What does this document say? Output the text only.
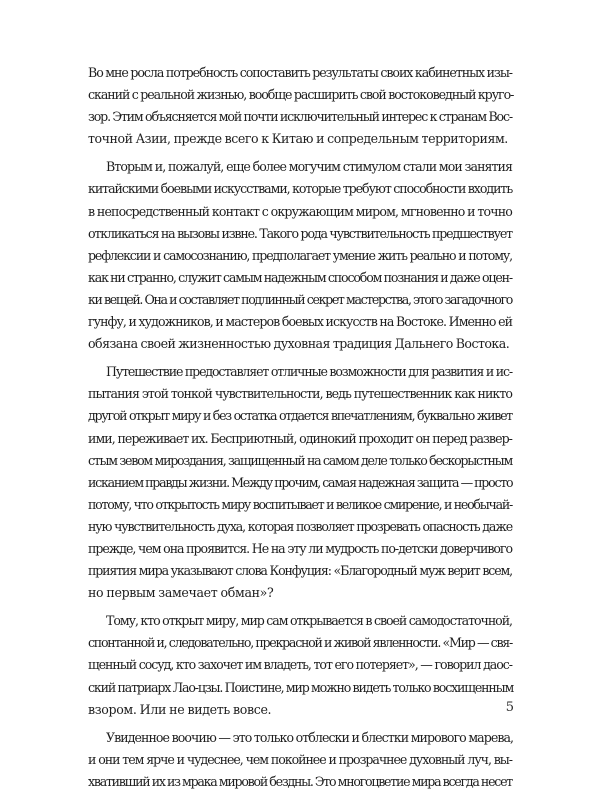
Во мне росла потребность сопоставить результаты своих кабинетных изы-
сканий с реальной жизнью, вообще расширить свой востоковедный круго-
зор. Этим объясняется мой почти исключительный интерес к странам Вос-
точной Азии, прежде всего к Китаю и сопредельным территориям.
Вторым и, пожалуй, еще более могучим стимулом стали мои занятия
китайскими боевыми искусствами, которые требуют способности входить
в непосредственный контакт с окружающим миром, мгновенно и точно
откликаться на вызовы извне. Такого рода чувствительность предшествует
рефлексии и самосознанию, предполагает умение жить реально и потому,
как ни странно, служит самым надежным способом познания и даже оцен-
ки вещей. Она и составляет подлинный секрет мастерства, этого загадочного
гунфу, и художников, и мастеров боевых искусств на Востоке. Именно ей
обязана своей жизненностью духовная традиция Дальнего Востока.
Путешествие предоставляет отличные возможности для развития и ис-
пытания этой тонкой чувствительности, ведь путешественник как никто
другой открыт миру и без остатка отдается впечатлениям, буквально живет
ими, переживает их. Бесприютный, одинокий проходит он перед развер-
стым зевом мироздания, защищенный на самом деле только бескорыстным
исканием правды жизни. Между прочим, самая надежная защита — просто
потому, что открытость миру воспитывает и великое смирение, и необычай-
ную чувствительность духа, которая позволяет прозревать опасность даже
прежде, чем она проявится. Не на эту ли мудрость по-детски доверчивого
приятия мира указывают слова Конфуция: «Благородный муж верит всем,
но первым замечает обман»?
Тому, кто открыт миру, мир сам открывается в своей самодостаточной,
спонтанной и, следовательно, прекрасной и живой явленности. «Мир — свя-
щенный сосуд, кто захочет им владеть, тот его потеряет», — говорил даос-
ский патриарх Лао-цзы. Поистине, мир можно видеть только восхищенным
взором. Или не видеть вовсе.
Увиденное воочию — это только отблески и блестки мирового марева,
и они тем ярче и чудеснее, чем покойнее и прозрачнее духовный луч, вы-
хвативший их из мрака мировой бездны. Это многоцветие мира всегда несет
5
